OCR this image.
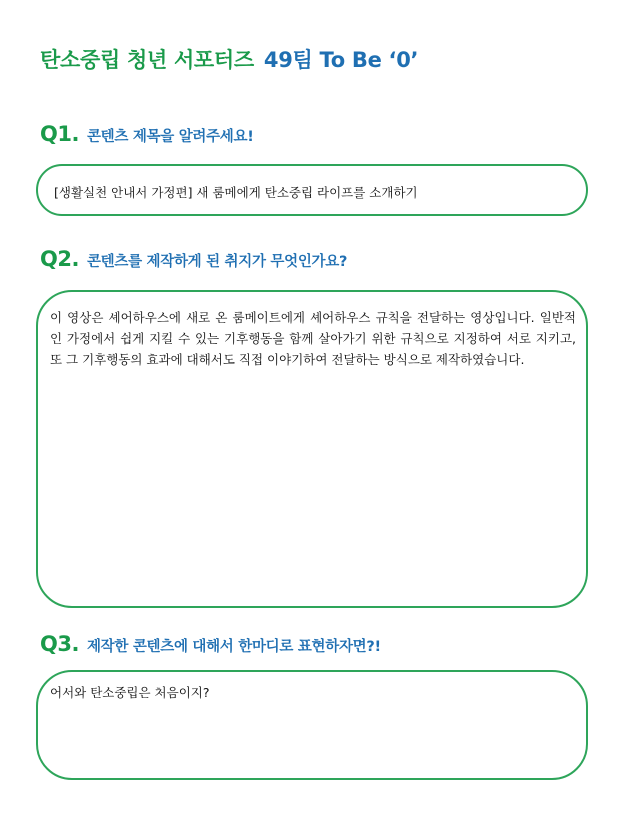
탄소중립 청년 서포터즈 49팀 To Be ‘0’
Q1. 콘텐츠 제목을 알려주세요!
[생활실천 안내서 가정편] 새 룸메에게 탄소중립 라이프를 소개하기
Q2. 콘텐츠를 제작하게 된 취지가 무엇인가요?
이 영상은 셰어하우스에 새로 온 룸메이트에게 셰어하우스 규칙을 전달하는 영상입니다. 일반적인 가정에서 쉽게 지킬 수 있는 기후행동을 함께 살아가기 위한 규칙으로 지정하여 서로 지키고, 또 그 기후행동의 효과에 대해서도 직접 이야기하여 전달하는 방식으로 제작하였습니다.
Q3. 제작한 콘텐츠에 대해서 한마디로 표현하자면?!
어서와 탄소중립은 처음이지?
